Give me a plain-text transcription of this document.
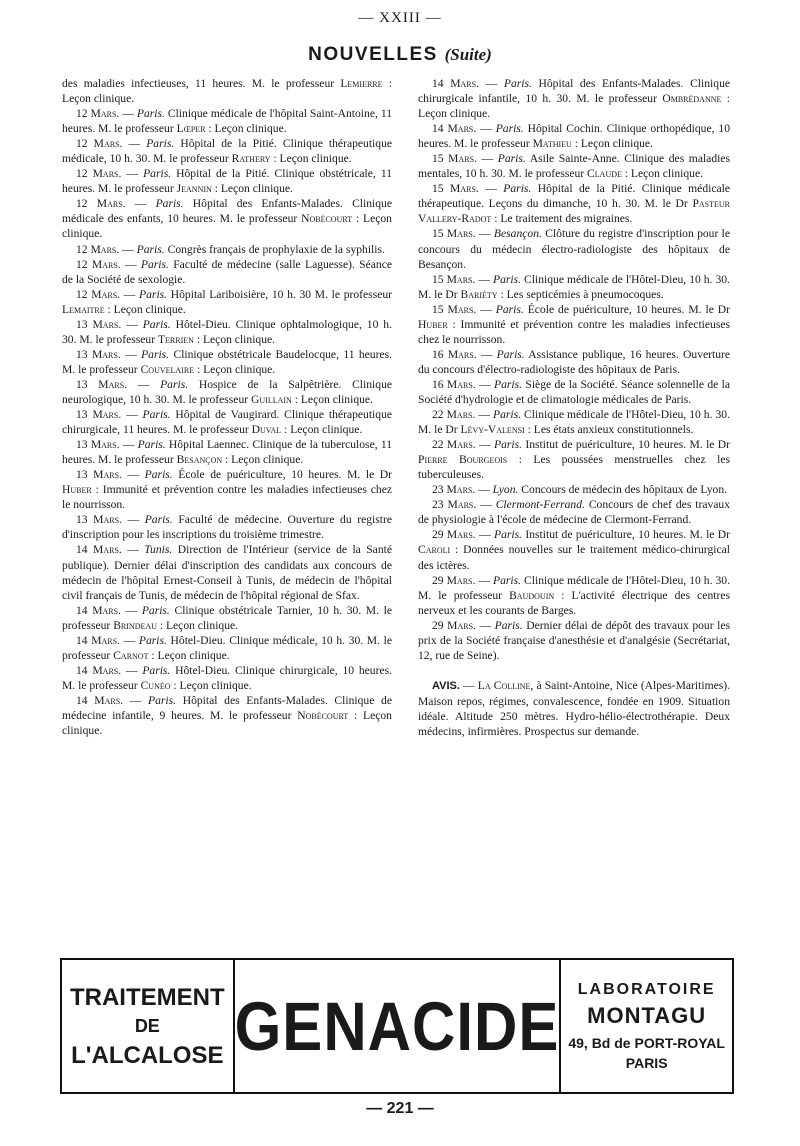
— XXIII —
NOUVELLES (Suite)

des maladies infectieuses, 11 heures. M. le professeur Lemierre : Leçon clinique.

12 Mars. — Paris. Clinique médicale de l'hôpital Saint-Antoine, 11 heures. M. le professeur Lœper : Leçon clinique.

12 Mars. — Paris. Hôpital de la Pitié. Clinique thérapeutique médicale, 10 h. 30. M. le professeur Rathery : Leçon clinique.

12 Mars. — Paris. Hôpital de la Pitié. Clinique obstétricale, 11 heures. M. le professeur Jeannin : Leçon clinique.

12 Mars. — Paris. Hôpital des Enfants-Malades. Clinique médicale des enfants, 10 heures. M. le professeur Nobécourt : Leçon clinique.

12 Mars. — Paris. Congrès français de prophylaxie de la syphilis.

12 Mars. — Paris. Faculté de médecine (salle Laguesse). Séance de la Société de sexologie.

12 Mars. — Paris. Hôpital Lariboisière, 10 h. 30 M. le professeur Lemaitre : Leçon clinique.

13 Mars. — Paris. Hôtel-Dieu. Clinique ophtalmologique, 10 h. 30. M. le professeur Terrien : Leçon clinique.

13 Mars. — Paris. Clinique obstétricale Baudelocque, 11 heures. M. le professeur Couvelaire : Leçon clinique.

13 Mars. — Paris. Hospice de la Salpêtrière. Clinique neurologique, 10 h. 30. M. le professeur Guillain : Leçon clinique.

13 Mars. — Paris. Hôpital de Vaugirard. Clinique thérapeutique chirurgicale, 11 heures. M. le professeur Duval : Leçon clinique.

13 Mars. — Paris. Hôpital Laennec. Clinique de la tuberculose, 11 heures. M. le professeur Besançon : Leçon clinique.

13 Mars. — Paris. École de puériculture, 10 heures. M. le Dr Huber : Immunité et prévention contre les maladies infectieuses chez le nourrisson.

13 Mars. — Paris. Faculté de médecine. Ouverture du registre d'inscription pour les inscriptions du troisième trimestre.

14 Mars. — Tunis. Direction de l'Intérieur (service de la Santé publique). Dernier délai d'inscription des candidats aux concours de médecin de l'hôpital Ernest-Conseil à Tunis, de médecin de l'hôpital civil français de Tunis, de médecin de l'hôpital régional de Sfax.

14 Mars. — Paris. Clinique obstétricale Tarnier, 10 h. 30. M. le professeur Brindeau : Leçon clinique.

14 Mars. — Paris. Hôtel-Dieu. Clinique médicale, 10 h. 30. M. le professeur Carnot : Leçon clinique.

14 Mars. — Paris. Hôtel-Dieu. Clinique chirurgicale, 10 heures. M. le professeur Cunéo : Leçon clinique.

14 Mars. — Paris. Hôpital des Enfants-Malades. Clinique de médecine infantile, 9 heures. M. le professeur Nobécourt : Leçon clinique.

14 Mars. — Paris. Hôpital des Enfants-Malades. Clinique chirurgicale infantile, 10 h. 30. M. le professeur Ombrédanne : Leçon clinique.

14 Mars. — Paris. Hôpital Cochin. Clinique orthopédique, 10 heures. M. le professeur Mathieu : Leçon clinique.

15 Mars. — Paris. Asile Sainte-Anne. Clinique des maladies mentales, 10 h. 30. M. le professeur Claude : Leçon clinique.

15 Mars. — Paris. Hôpital de la Pitié. Clinique médicale thérapeutique. Leçons du dimanche, 10 h. 30. M. le Dr Pasteur Vallery-Radot : Le traitement des migraines.

15 Mars. — Besançon. Clôture du registre d'inscription pour le concours du médecin électro-radiologiste des hôpitaux de Besançon.

15 Mars. — Paris. Clinique médicale de l'Hôtel-Dieu, 10 h. 30. M. le Dr Bariéty : Les septicémies à pneumocoques.

15 Mars. — Paris. École de puériculture, 10 heures. M. le Dr Huber : Immunité et prévention contre les maladies infectieuses chez le nourrisson.

16 Mars. — Paris. Assistance publique, 16 heures. Ouverture du concours d'électro-radiologiste des hôpitaux de Paris.

16 Mars. — Paris. Siège de la Société. Séance solennelle de la Société d'hydrologie et de climatologie médicales de Paris.

22 Mars. — Paris. Clinique médicale de l'Hôtel-Dieu, 10 h. 30. M. le Dr Lévy-Valensi : Les états anxieux constitutionnels.

22 Mars. — Paris. Institut de puériculture, 10 heures. M. le Dr Pierre Bourgeois : Les poussées menstruelles chez les tuberculeuses.

23 Mars. — Lyon. Concours de médecin des hôpitaux de Lyon.

23 Mars. — Clermont-Ferrand. Concours de chef des travaux de physiologie à l'école de médecine de Clermont-Ferrand.

29 Mars. — Paris. Institut de puériculture, 10 heures. M. le Dr Caroli : Données nouvelles sur le traitement médico-chirurgical des ictères.

29 Mars. — Paris. Clinique médicale de l'Hôtel-Dieu, 10 h. 30. M. le professeur Baudouin : L'activité électrique des centres nerveux et les courants de Barges.

29 Mars. — Paris. Dernier délai de dépôt des travaux pour les prix de la Société française d'anesthésie et d'analgésie (Secrétariat, 12, rue de Seine).

AVIS. — La Colline, à Saint-Antoine, Nice (Alpes-Maritimes). Maison repos, régimes, convalescence, fondée en 1909. Situation idéale. Altitude 250 mètres. Hydro-hélio-électrothérapie. Deux médecins, infirmières. Prospectus sur demande.

TRAITEMENT
DE
L'ALCALOSE GENACIDE LABORATOIRE
MONTAGU
49, Bd de PORT-ROYAL
PARIS
— 221 —
